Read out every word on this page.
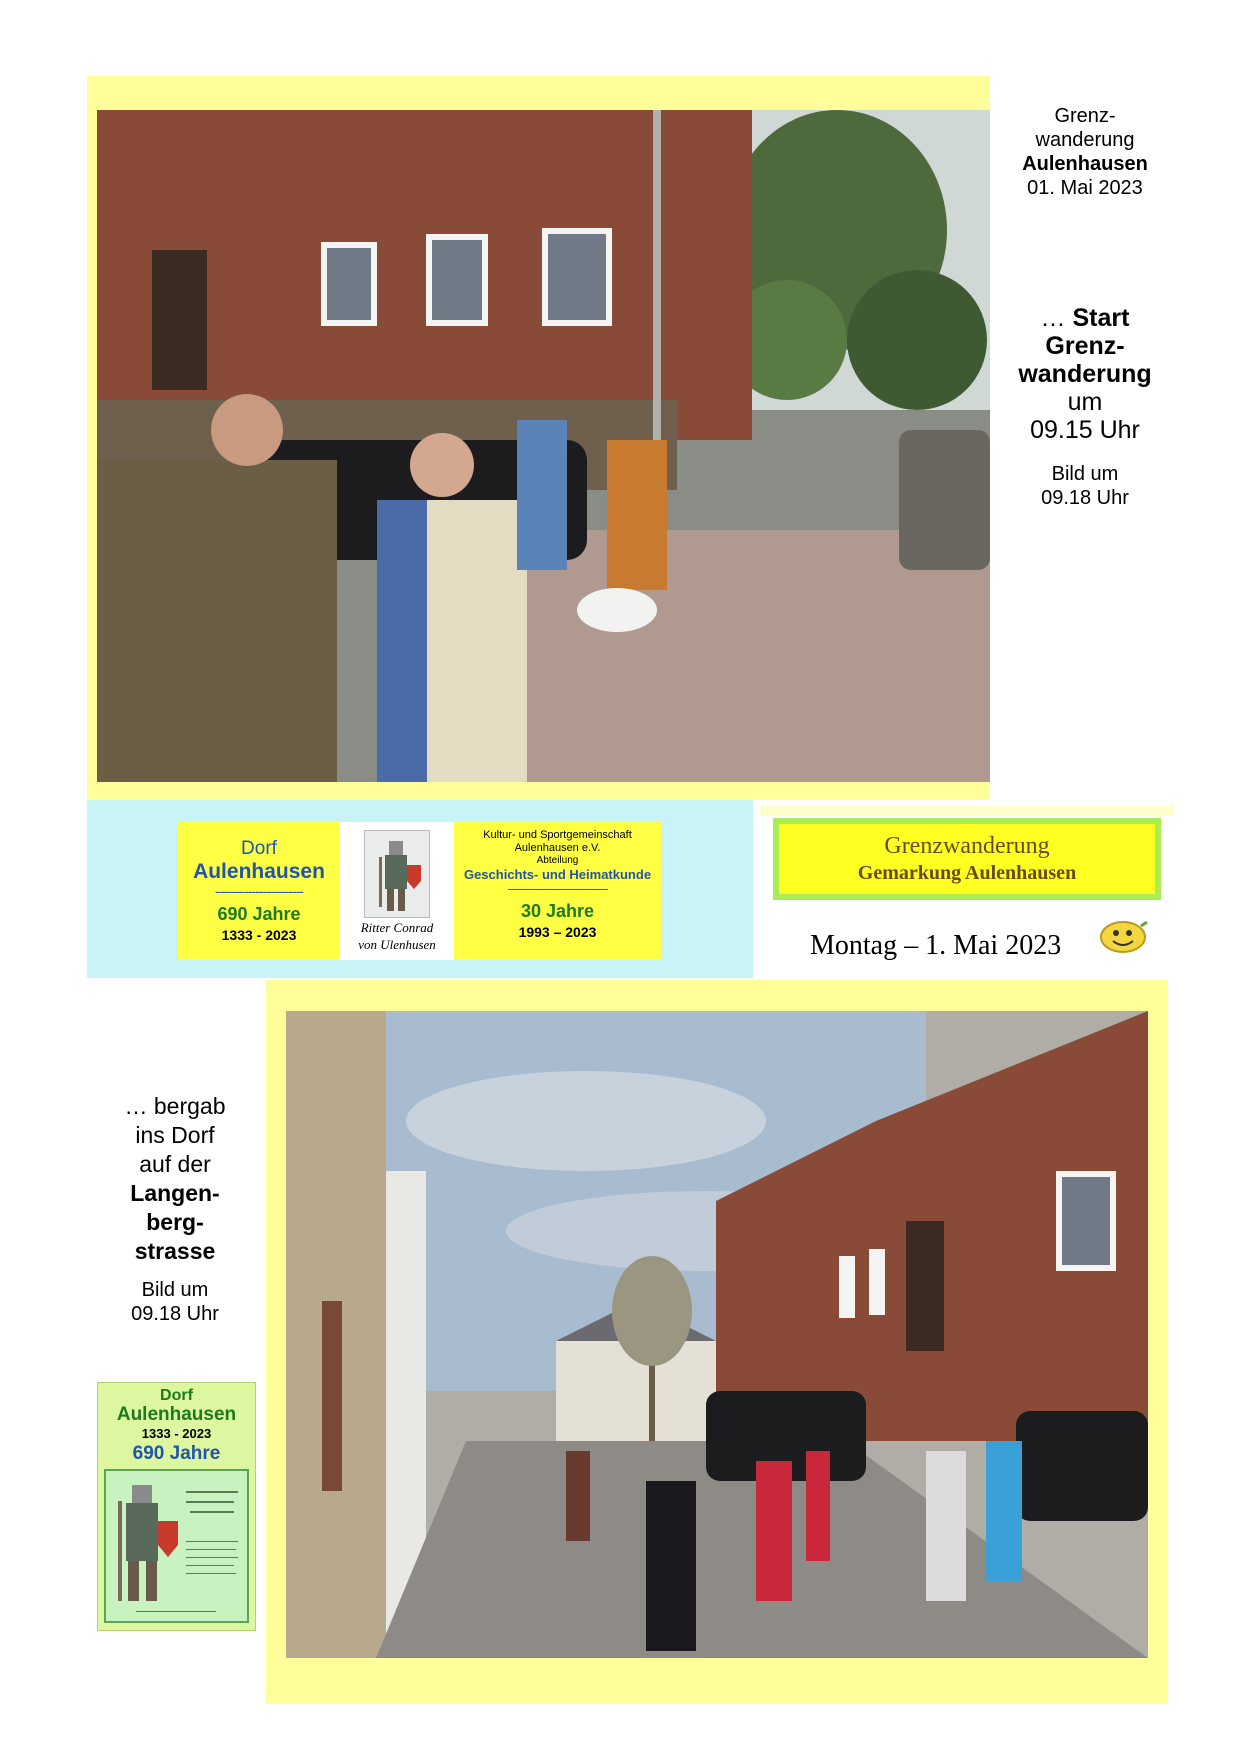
Grenz-
wanderung
Aulenhausen
01. Mai 2023
… Start
Grenz-
wanderung
um
09.15 Uhr
Bild um
09.18 Uhr
Dorf
Aulenhausen
------------------------
690 Jahre
1333 - 2023	Ritter Conrad
von Ulenhusen
Kultur- und Sportgemeinschaft
Aulenhausen e.V.
Abteilung
Geschichts- und Heimatkunde
------------------------------
30 Jahre
1993 – 2023
Grenzwanderung
Gemarkung Aulenhausen
Montag – 1. Mai 2023
… bergab
ins Dorf
auf der
Langen-
berg-
strasse
Bild um
09.18 Uhr
Dorf
Aulenhausen
1333 - 2023
690 Jahre
